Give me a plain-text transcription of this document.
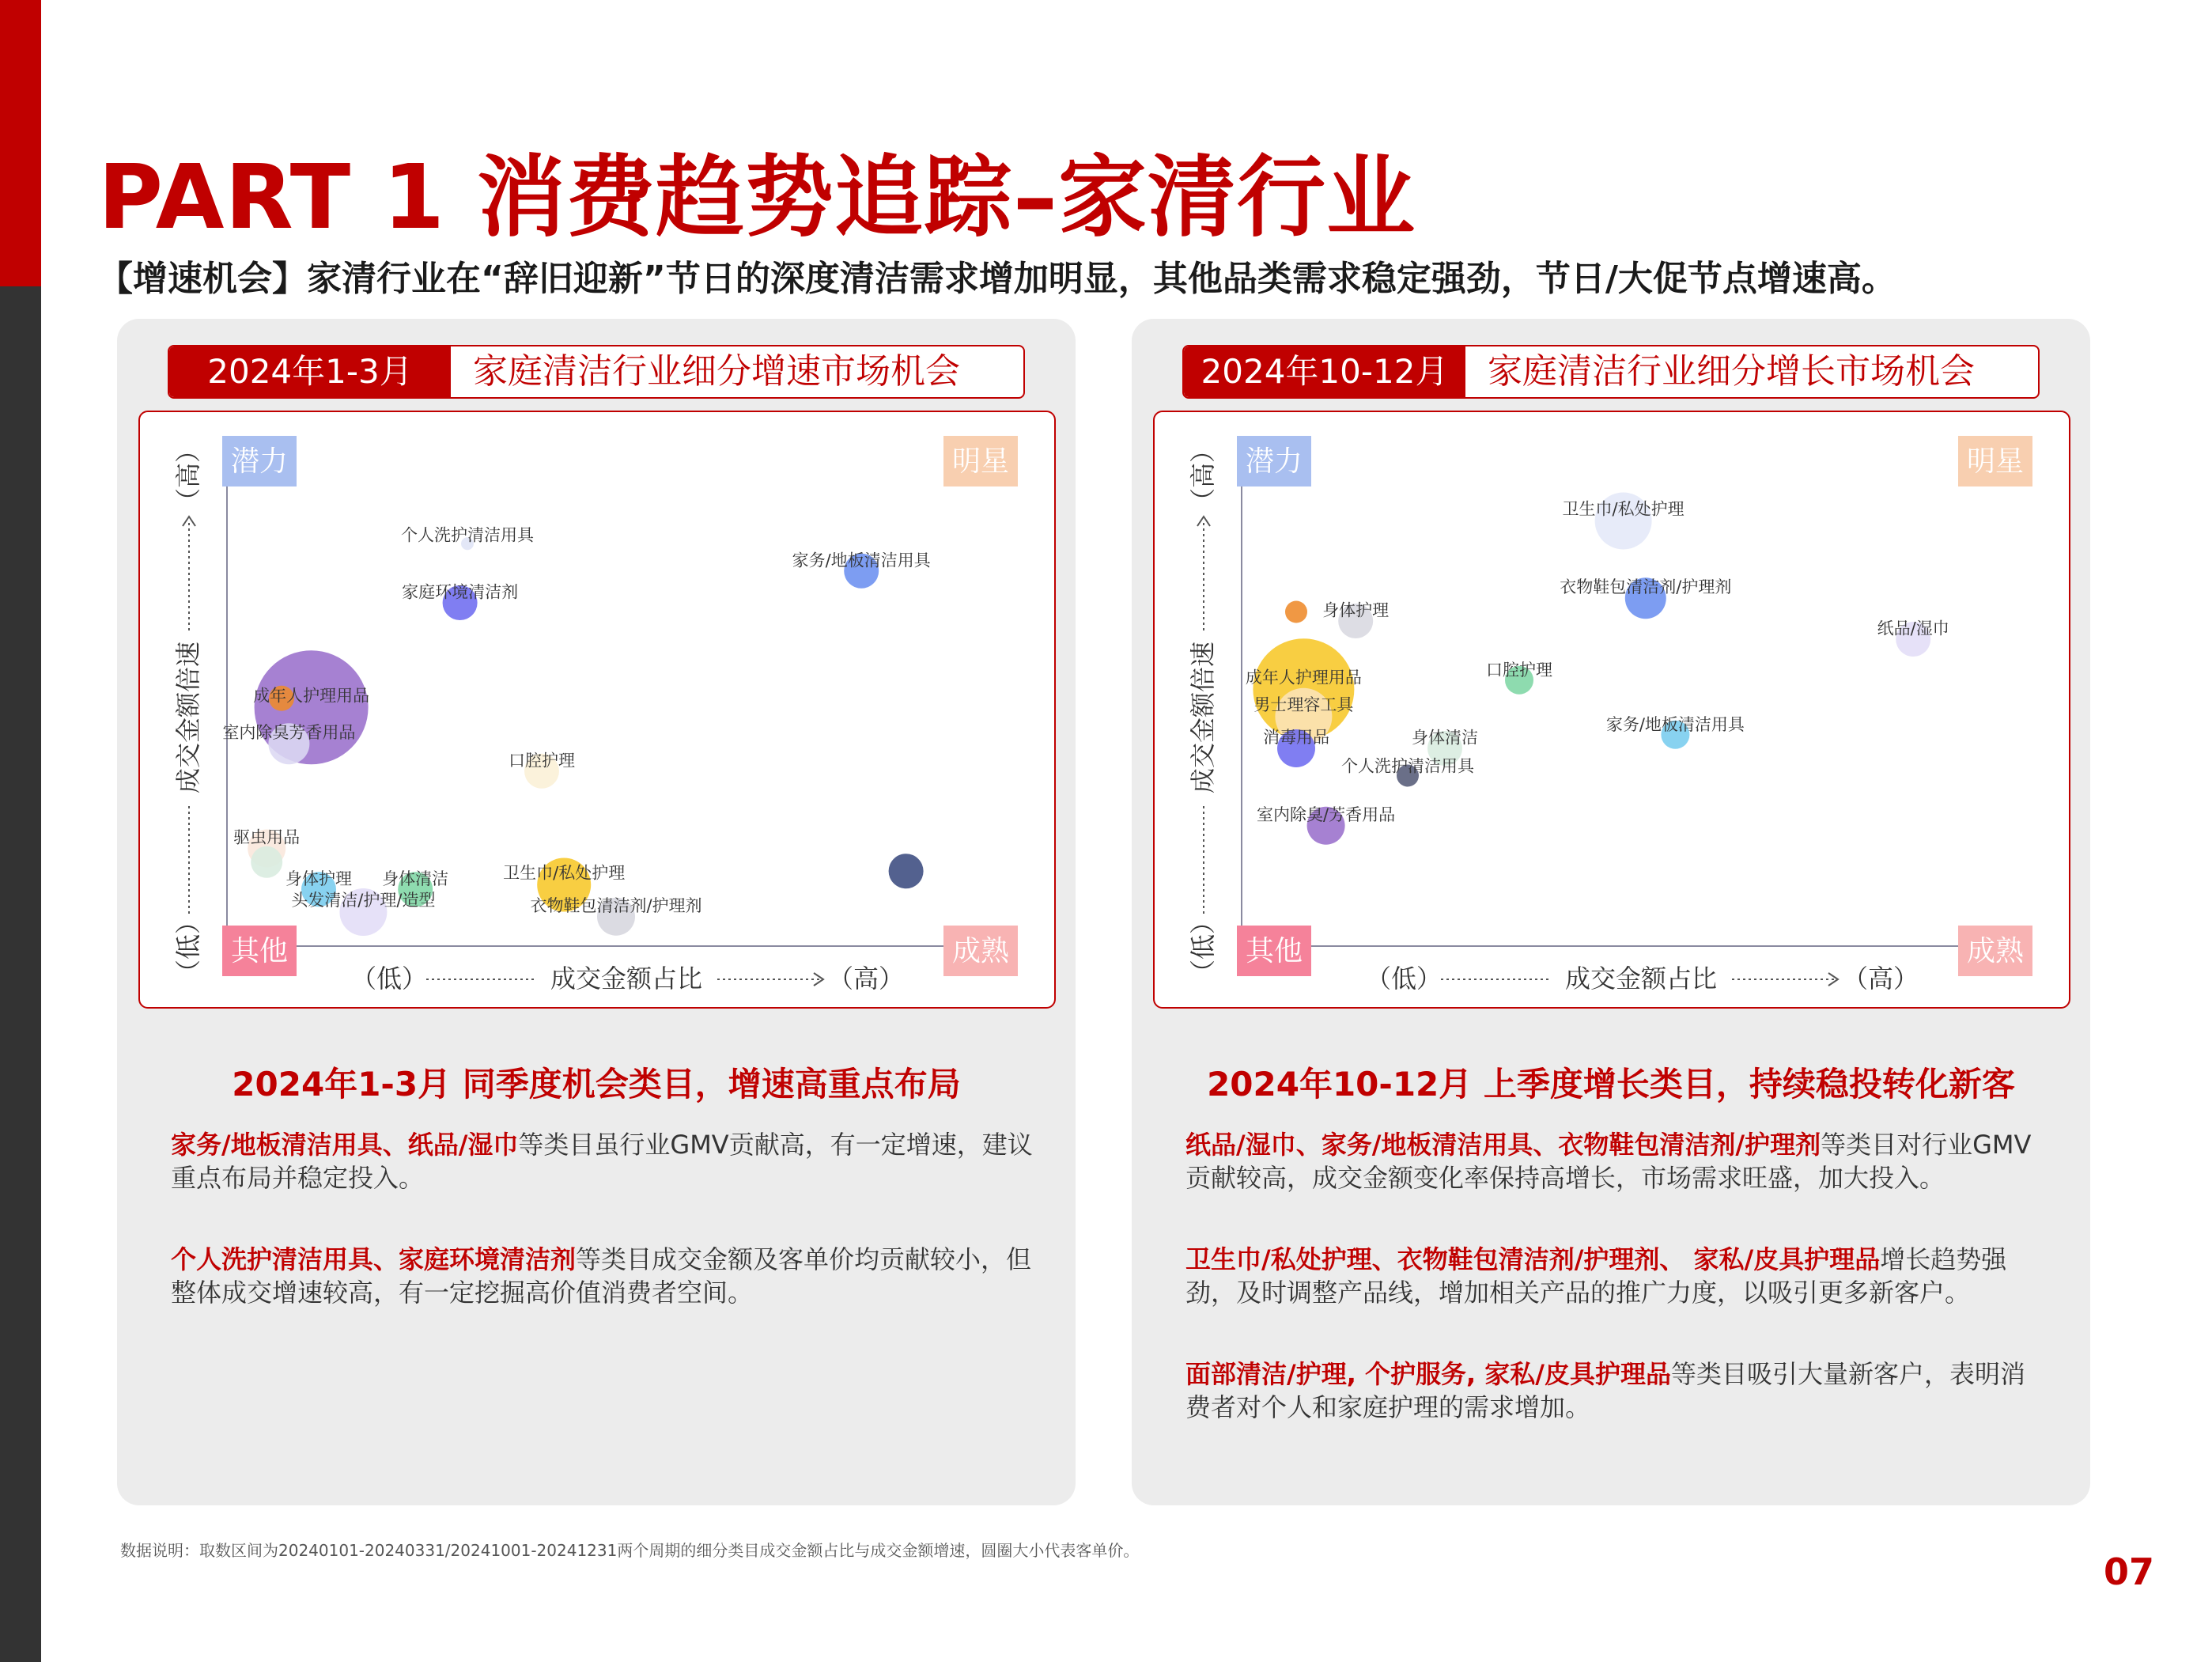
PART 1 消费趋势追踪–家清行业
【增速机会】家清行业在“辞旧迎新”节日的深度清洁需求增加明显，其他品类需求稳定强劲，节日/大促节点增速高。
2024年1-3月	家庭清洁行业细分增速市场机会
潜力	明星
其他	成熟
（低）	成交金额占比	（高）
（低）
成交金额倍速
（高）
个人洗护清洁用具
家庭环境清洁剂
家务/地板清洁用具
成年人护理用品
室内除臭芳香用品
口腔护理
驱虫用品
身体护理 身体清洁
头发清洁/护理/造型
卫生巾/私处护理
衣物鞋包清洁剂/护理剂
2024年1-3月 同季度机会类目，增速高重点布局
家务/地板清洁用具、纸品/湿巾等类目虽行业GMV贡献高，有一定增速，建议重点布局并稳定投入。
个人洗护清洁用具、家庭环境清洁剂等类目成交金额及客单价均贡献较小，但整体成交增速较高，有一定挖掘高价值消费者空间。
2024年10-12月	家庭清洁行业细分增长市场机会
潜力	明星
其他	成熟
（低）	成交金额占比	（高）
（低）
成交金额倍速
（高）	卫生巾/私处护理
衣物鞋包清洁剂/护理剂
纸品/湿巾
身体护理
成年人护理用品
男士理容工具
口腔护理
家务/地板清洁用具
身体清洁
消毒用品
个人洗护清洁用具
室内除臭/芳香用品
2024年10-12月 上季度增长类目，持续稳投转化新客
纸品/湿巾、家务/地板清洁用具、衣物鞋包清洁剂/护理剂等类目对行业GMV贡献较高，成交金额变化率保持高增长，市场需求旺盛，加大投入。
卫生巾/私处护理、衣物鞋包清洁剂/护理剂、 家私/皮具护理品增长趋势强劲，及时调整产品线，增加相关产品的推广力度，以吸引更多新客户。
面部清洁/护理, 个护服务, 家私/皮具护理品等类目吸引大量新客户，表明消费者对个人和家庭护理的需求增加。
数据说明：取数区间为20240101-20240331/20241001-20241231两个周期的细分类目成交金额占比与成交金额增速，圆圈大小代表客单价。	07
